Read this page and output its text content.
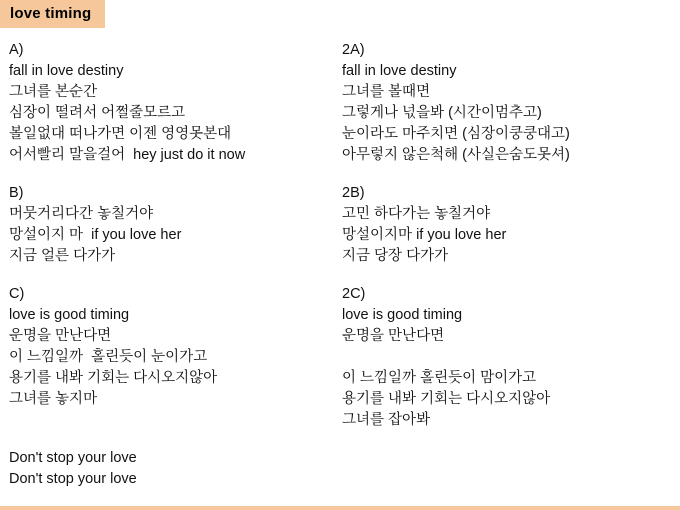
love timing
A)
fall in love destiny
그녀를 본순간
심장이 떨려서 어쩔줄모르고
볼일없대 떠나가면 이젠 영영못본대
어서빨리 말을걸어  hey just do it now
B)
머뭇거리다간 놓칠거야
망설이지 마  if you love her
지금 얼른 다가가
C)
love is good timing
운명을 만난다면
이 느낌일까  홀린듯이 눈이가고
용기를 내봐 기회는 다시오지않아
그녀를 놓지마
Don't stop your love
Don't stop your love
2A)
fall in love destiny
그녀를 볼때면
그렇게나 넋을봐 (시간이멈추고)
눈이라도 마주치면 (심장이쿵쿵대고)
아무렇지 않은척해 (사실은숨도못셔)
2B)
고민 하다가는 놓칠거야
망설이지마 if you love her
지금 당장 다가가
2C)
love is good timing
운명을 만난다면
이 느낌일까 홀린듯이 맘이가고
용기를 내봐 기회는 다시오지않아
그녀를 잡아봐
